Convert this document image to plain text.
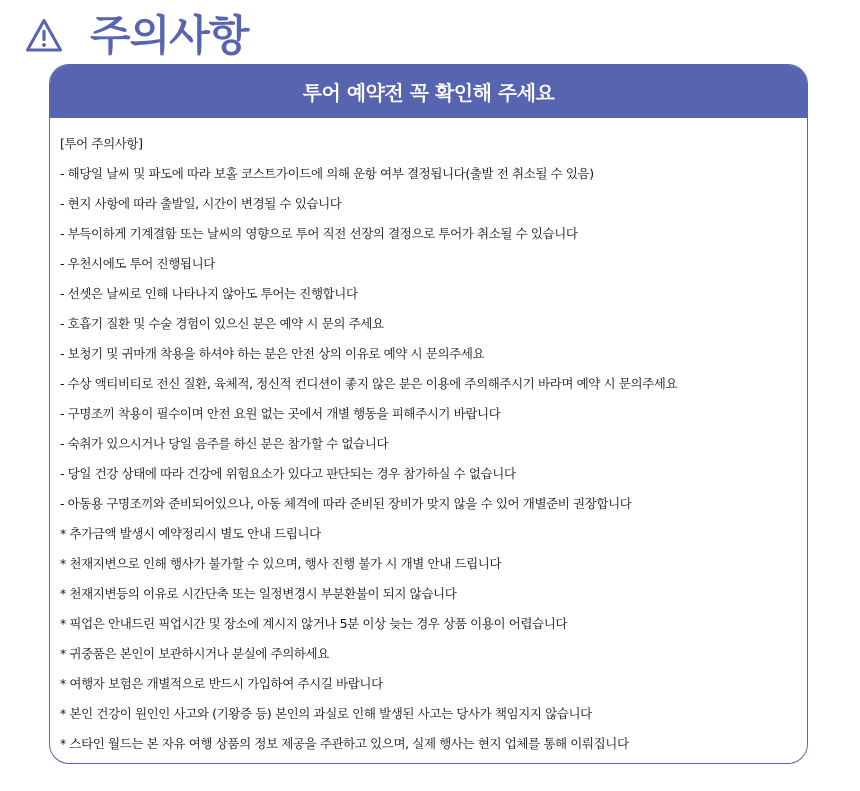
주의사항
투어 예약전 꼭 확인해 주세요
[투어 주의사항]
- 해당일 날씨 및 파도에 따라 보홀 코스트가이드에 의해 운항 여부 결정됩니다(출발 전 취소될 수 있음)
- 현지 사항에 따라 출발일, 시간이 변경될 수 있습니다
- 부득이하게 기계결함 또는 날씨의 영향으로 투어 직전 선장의 결정으로 투어가 취소될 수 있습니다
- 우천시에도 투어 진행됩니다
- 선셋은 날씨로 인해 나타나지 않아도 투어는 진행합니다
- 호흡기 질환 및 수술 경험이 있으신 분은 예약 시 문의 주세요
- 보청기 및 귀마개 착용을 하셔야 하는 분은 안전 상의 이유로 예약 시 문의주세요
- 수상 액티비티로 전신 질환, 육체적, 정신적 컨디션이 좋지 않은 분은 이용에 주의해주시기 바라며 예약 시 문의주세요
- 구명조끼 착용이 필수이며 안전 요원 없는 곳에서 개별 행동을 피해주시기 바랍니다
- 숙취가 있으시거나 당일 음주를 하신 분은 참가할 수 없습니다
- 당일 건강 상태에 따라 건강에 위험요소가 있다고 판단되는 경우 참가하실 수 없습니다
- 아동용 구명조끼와 준비되어있으나, 아동 체격에 따라 준비된 장비가 맞지 않을 수 있어 개별준비 권장합니다
* 추가금액 발생시 예약정리시 별도 안내 드립니다
* 천재지변으로 인해 행사가 불가할 수 있으며, 행사 진행 불가 시 개별 안내 드립니다
* 천재지변등의 이유로 시간단축 또는 일정변경시 부분환불이 되지 않습니다
* 픽업은 안내드린 픽업시간 및 장소에 계시지 않거나 5분 이상 늦는 경우 상품 이용이 어렵습니다
* 귀중품은 본인이 보관하시거나 분실에 주의하세요
* 여행자 보험은 개별적으로 반드시 가입하여 주시길 바랍니다
* 본인 건강이 원인인 사고와 (기왕증 등) 본인의 과실로 인해 발생된 사고는 당사가 책임지지 않습니다
* 스타인 월드는 본 자유 여행 상품의 정보 제공을 주관하고 있으며, 실제 행사는 현지 업체를 통해 이뤄집니다
